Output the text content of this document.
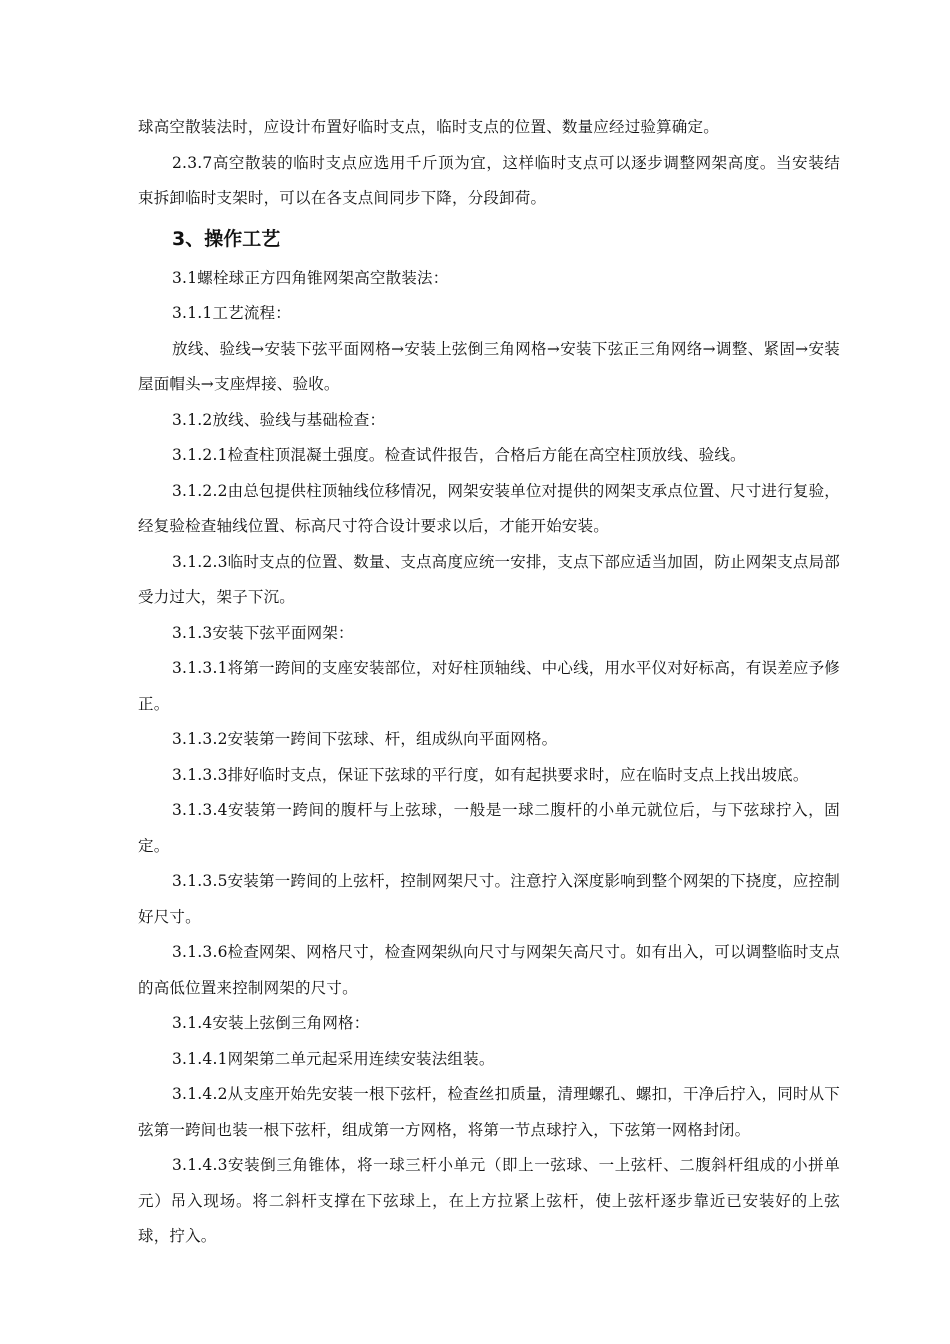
球高空散装法时，应设计布置好临时支点，临时支点的位置、数量应经过验算确定。

2.3.7高空散装的临时支点应选用千斤顶为宜，这样临时支点可以逐步调整网架高度。当安装结束拆卸临时支架时，可以在各支点间同步下降，分段卸荷。

3、操作工艺

3.1螺栓球正方四角锥网架高空散装法：

3.1.1工艺流程：

放线、验线→安装下弦平面网格→安装上弦倒三角网格→安装下弦正三角网络→调整、紧固→安装屋面帽头→支座焊接、验收。

3.1.2放线、验线与基础检查：

3.1.2.1检查柱顶混凝土强度。检查试件报告，合格后方能在高空柱顶放线、验线。

3.1.2.2由总包提供柱顶轴线位移情况，网架安装单位对提供的网架支承点位置、尺寸进行复验，经复验检查轴线位置、标高尺寸符合设计要求以后，才能开始安装。

3.1.2.3临时支点的位置、数量、支点高度应统一安排，支点下部应适当加固，防止网架支点局部受力过大，架子下沉。

3.1.3安装下弦平面网架：

3.1.3.1将第一跨间的支座安装部位，对好柱顶轴线、中心线，用水平仪对好标高，有误差应予修正。

3.1.3.2安装第一跨间下弦球、杆，组成纵向平面网格。

3.1.3.3排好临时支点，保证下弦球的平行度，如有起拱要求时，应在临时支点上找出坡底。

3.1.3.4安装第一跨间的腹杆与上弦球，一般是一球二腹杆的小单元就位后，与下弦球拧入，固定。

3.1.3.5安装第一跨间的上弦杆，控制网架尺寸。注意拧入深度影响到整个网架的下挠度，应控制好尺寸。

3.1.3.6检查网架、网格尺寸，检查网架纵向尺寸与网架矢高尺寸。如有出入，可以调整临时支点的高低位置来控制网架的尺寸。

3.1.4安装上弦倒三角网格：

3.1.4.1网架第二单元起采用连续安装法组装。

3.1.4.2从支座开始先安装一根下弦杆，检查丝扣质量，清理螺孔、螺扣，干净后拧入，同时从下弦第一跨间也装一根下弦杆，组成第一方网格，将第一节点球拧入，下弦第一网格封闭。

3.1.4.3安装倒三角锥体，将一球三杆小单元（即上一弦球、一上弦杆、二腹斜杆组成的小拼单元）吊入现场。将二斜杆支撑在下弦球上，在上方拉紧上弦杆，使上弦杆逐步靠近已安装好的上弦球，拧入。
